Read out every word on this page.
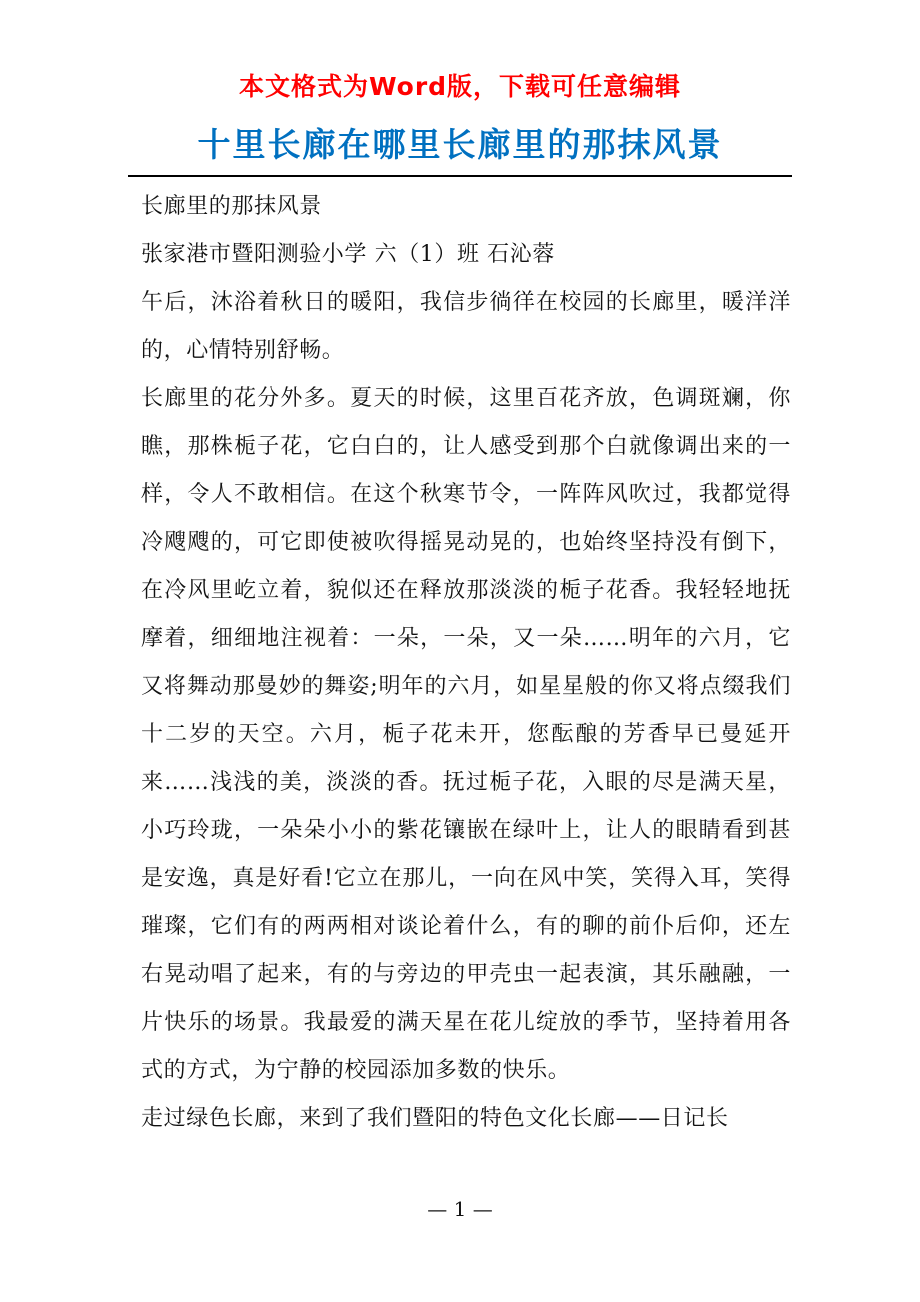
本文格式为Word版，下载可任意编辑
十里长廊在哪里长廊里的那抹风景

长廊里的那抹风景

张家港市暨阳测验小学 六（1）班 石沁蓉

午后，沐浴着秋日的暖阳，我信步徜徉在校园的长廊里，暖洋洋的，心情特别舒畅。

长廊里的花分外多。夏天的时候，这里百花齐放，色调斑斓，你瞧，那株栀子花，它白白的，让人感受到那个白就像调出来的一样，令人不敢相信。在这个秋寒节令，一阵阵风吹过，我都觉得冷飕飕的，可它即使被吹得摇晃动晃的，也始终坚持没有倒下，在冷风里屹立着，貌似还在释放那淡淡的栀子花香。我轻轻地抚摩着，细细地注视着：一朵，一朵，又一朵……明年的六月，它又将舞动那曼妙的舞姿;明年的六月，如星星般的你又将点缀我们十二岁的天空。六月，栀子花未开，您酝酿的芳香早已曼延开来……浅浅的美，淡淡的香。抚过栀子花，入眼的尽是满天星，小巧玲珑，一朵朵小小的紫花镶嵌在绿叶上，让人的眼睛看到甚是安逸，真是好看!它立在那儿，一向在风中笑，笑得入耳，笑得璀璨，它们有的两两相对谈论着什么，有的聊的前仆后仰，还左右晃动唱了起来，有的与旁边的甲壳虫一起表演，其乐融融，一片快乐的场景。我最爱的满天星在花儿绽放的季节，坚持着用各式的方式，为宁静的校园添加多数的快乐。

走过绿色长廊，来到了我们暨阳的特色文化长廊——日记长

— 1 —
